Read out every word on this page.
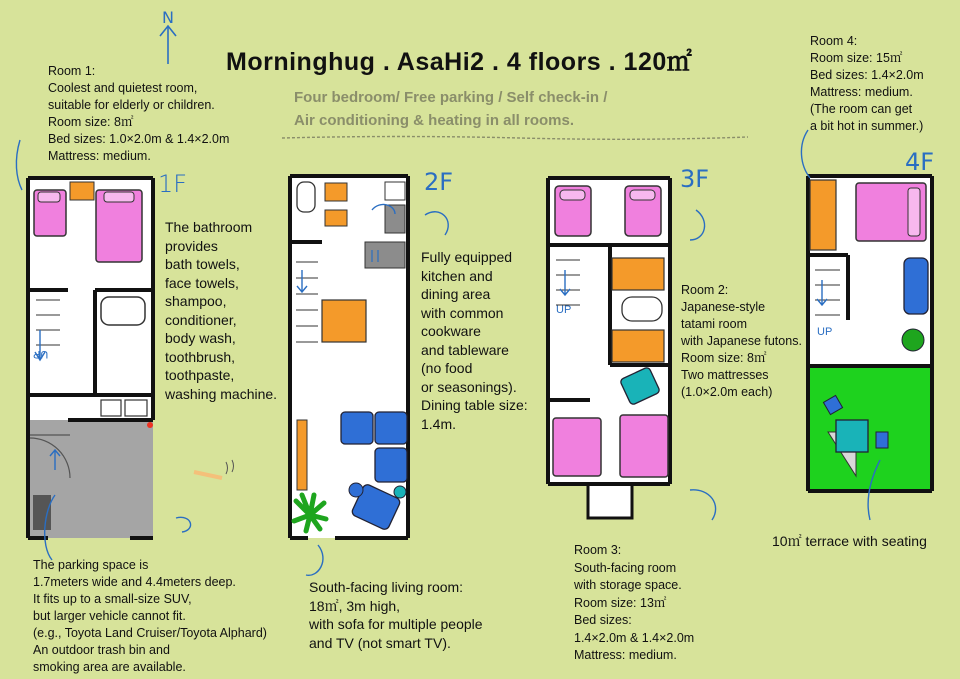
N
Morninghug . AsaHi2 . 4 floors . 120㎡
Four bedroom/ Free parking / Self check-in /
Air conditioning & heating in all rooms.
1F
UP
2F	3F
UP
4F
UP
Room 1:
Coolest and quietest room,
suitable for elderly or children.
Room size: 8㎡
Bed sizes: 1.0×2.0m & 1.4×2.0m
Mattress: medium.
The bathroom
provides
bath towels,
face towels,
shampoo,
conditioner,
body wash,
toothbrush,
toothpaste,
washing machine.
Fully equipped
kitchen and
dining area
with common
cookware
and tableware
(no food
or seasonings).
Dining table size:
1.4m.
Room 2:
Japanese-style
tatami room
with Japanese futons.
Room size: 8㎡
Two mattresses
(1.0×2.0m each)
Room 4:
Room size: 15㎡
Bed sizes: 1.4×2.0m
Mattress: medium.
(The room can get
a bit hot in summer.)
10㎡ terrace with seating
The parking space is
1.7meters wide and 4.4meters deep.
It fits up to a small-size SUV,
but larger vehicle cannot fit.
(e.g., Toyota Land Cruiser/Toyota Alphard)
An outdoor trash bin and
smoking area are available.
South-facing living room:
18㎡, 3m high,
with sofa for multiple people
and TV (not smart TV).
Room 3:
South-facing room
with storage space.
Room size: 13㎡
Bed sizes:
1.4×2.0m & 1.4×2.0m
Mattress: medium.
